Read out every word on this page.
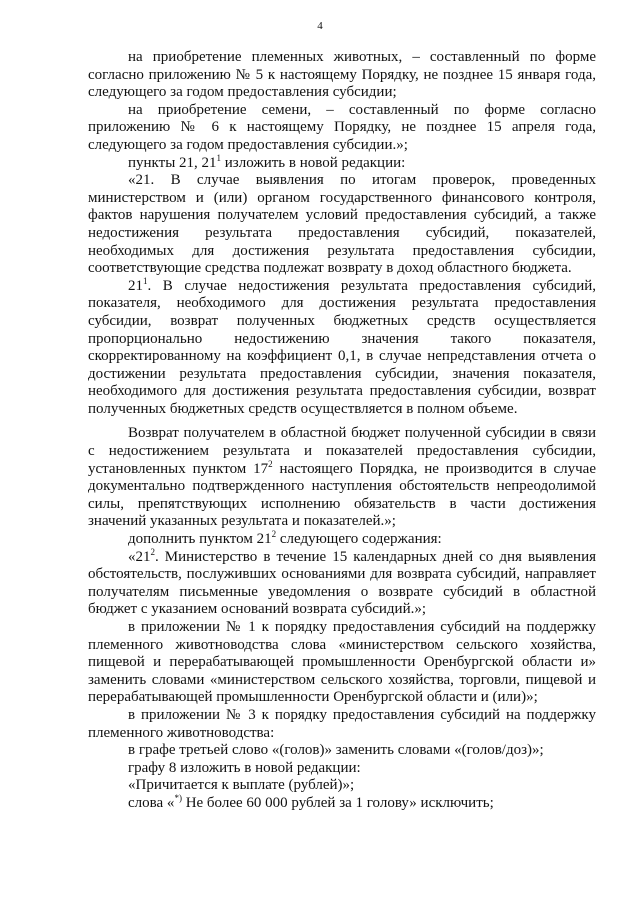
4

на приобретение племенных животных, – составленный по форме согласно приложению № 5 к настоящему Порядку, не позднее 15 января года, следующего за годом предоставления субсидии;

на приобретение семени, – составленный по форме согласно приложению № 6 к настоящему Порядку, не позднее 15 апреля года, следующего за годом предоставления субсидии.»;

пункты 21, $21^1$ изложить в новой редакции:

«21. В случае выявления по итогам проверок, проведенных министерством и (или) органом государственного финансового контроля, фактов нарушения получателем условий предоставления субсидий, а также недостижения результата предоставления субсидий, показателей, необходимых для достижения результата предоставления субсидии, соответствующие средства подлежат возврату в доход областного бюджета.

$21^1$. В случае недостижения результата предоставления субсидий, показателя, необходимого для достижения результата предоставления субсидии, возврат полученных бюджетных средств осуществляется пропорционально недостижению значения такого показателя, скорректированному на коэффициент 0,1, в случае непредставления отчета о достижении результата предоставления субсидии, значения показателя, необходимого для достижения результата предоставления субсидии, возврат полученных бюджетных средств осуществляется в полном объеме.

Возврат получателем в областной бюджет полученной субсидии в связи с недостижением результата и показателей предоставления субсидии, установленных пунктом $17^2$ настоящего Порядка, не производится в случае документально подтвержденного наступления обстоятельств непреодолимой силы, препятствующих исполнению обязательств в части достижения значений указанных результата и показателей.»;

дополнить пунктом $21^2$ следующего содержания:

«$21^2$. Министерство в течение 15 календарных дней со дня выявления обстоятельств, послуживших основаниями для возврата субсидий, направляет получателям письменные уведомления о возврате субсидий в областной бюджет с указанием оснований возврата субсидий.»;

в приложении № 1 к порядку предоставления субсидий на поддержку племенного животноводства слова «министерством сельского хозяйства, пищевой и перерабатывающей промышленности Оренбургской области и» заменить словами «министерством сельского хозяйства, торговли, пищевой и перерабатывающей промышленности Оренбургской области и (или)»;

в приложении № 3 к порядку предоставления субсидий на поддержку племенного животноводства:

в графе третьей слово «(голов)» заменить словами «(голов/доз)»;

графу 8 изложить в новой редакции:

«Причитается к выплате (рублей)»;

слова «*) Не более 60 000 рублей за 1 голову» исключить;
